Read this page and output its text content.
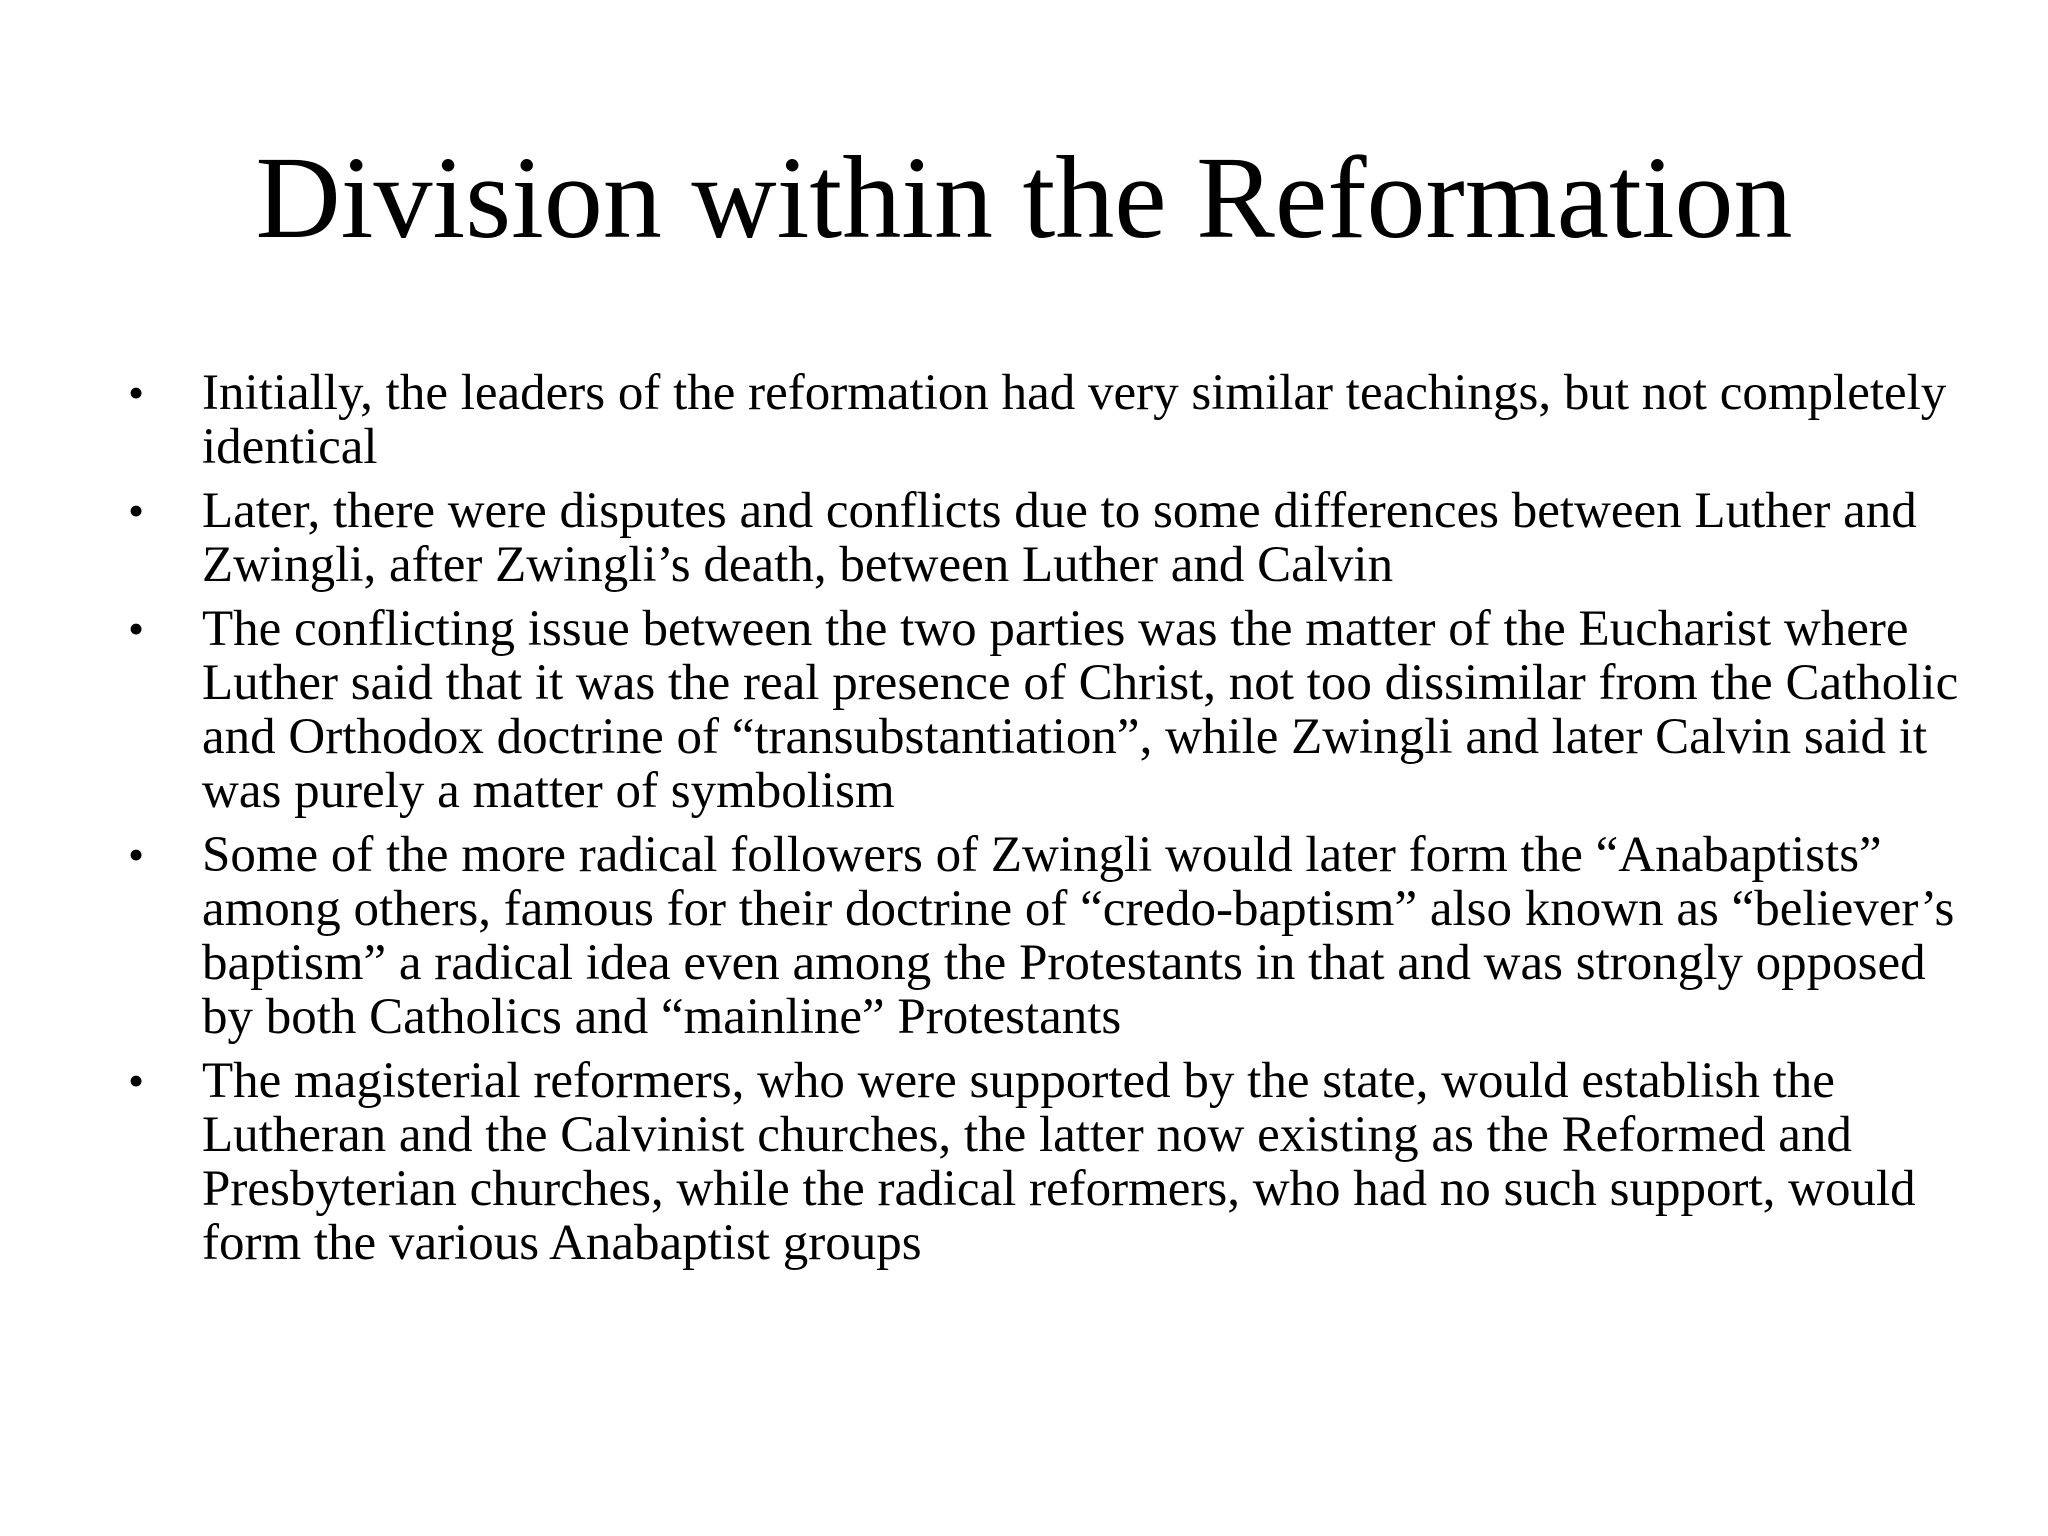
Division within the Reformation
•	Initially, the leaders of the reformation had very similar teachings, but not completely identical
•	Later, there were disputes and conflicts due to some differences between Luther and Zwingli, after Zwingli’s death, between Luther and Calvin
•	The conflicting issue between the two parties was the matter of the Eucharist where Luther said that it was the real presence of Christ, not too dissimilar from the Catholic and Orthodox doctrine of “transubstantiation”, while Zwingli and later Calvin said it was purely a matter of symbolism
•	Some of the more radical followers of Zwingli would later form the “Anabaptists” among others, famous for their doctrine of “credo-baptism” also known as “believer’s baptism” a radical idea even among the Protestants in that and was strongly opposed by both Catholics and “mainline” Protestants
•	The magisterial reformers, who were supported by the state, would establish the Lutheran and the Calvinist churches, the latter now existing as the Reformed and Presbyterian churches, while the radical reformers, who had no such support, would form the various Anabaptist groups
